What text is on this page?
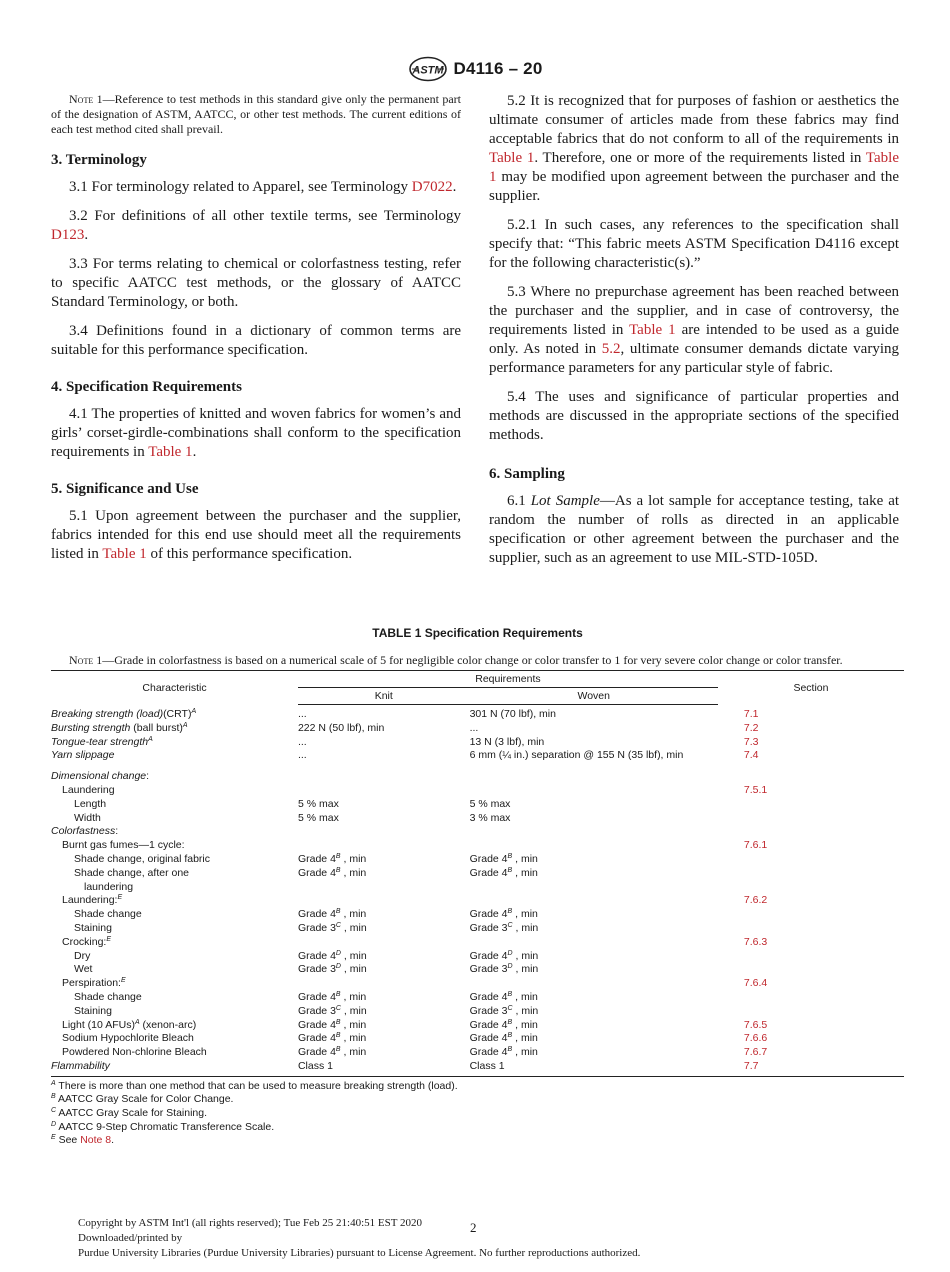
ASTM D4116 – 20

Note 1—Reference to test methods in this standard give only the permanent part of the designation of ASTM, AATCC, or other test methods. The current editions of each test method cited shall prevail.

3. Terminology

3.1 For terminology related to Apparel, see Terminology D7022.

3.2 For definitions of all other textile terms, see Terminology D123.

3.3 For terms relating to chemical or colorfastness testing, refer to specific AATCC test methods, or the glossary of AATCC Standard Terminology, or both.

3.4 Definitions found in a dictionary of common terms are suitable for this performance specification.

4. Specification Requirements

4.1 The properties of knitted and woven fabrics for women’s and girls’ corset-girdle-combinations shall conform to the specification requirements in Table 1.

5. Significance and Use

5.1 Upon agreement between the purchaser and the supplier, fabrics intended for this end use should meet all the requirements listed in Table 1 of this performance specification.

5.2 It is recognized that for purposes of fashion or aesthetics the ultimate consumer of articles made from these fabrics may find acceptable fabrics that do not conform to all of the requirements in Table 1. Therefore, one or more of the requirements listed in Table 1 may be modified upon agreement between the purchaser and the supplier.

5.2.1 In such cases, any references to the specification shall specify that: “This fabric meets ASTM Specification D4116 except for the following characteristic(s).”

5.3 Where no prepurchase agreement has been reached between the purchaser and the supplier, and in case of controversy, the requirements listed in Table 1 are intended to be used as a guide only. As noted in 5.2, ultimate consumer demands dictate varying performance parameters for any particular style of fabric.

5.4 The uses and significance of particular properties and methods are discussed in the appropriate sections of the specified methods.

6. Sampling

6.1 Lot Sample—As a lot sample for acceptance testing, take at random the number of rolls as directed in an applicable specification or other agreement between the purchaser and the supplier, such as an agreement to use MIL-STD-105D.

TABLE 1 Specification Requirements
Note 1—Grade in colorfastness is based on a numerical scale of 5 for negligible color change or color transfer to 1 for very severe color change or color transfer.
Characteristic	Requirements		Section
	Knit	Woven	
Breaking strength (load)(CRT)$^A$	...	301 N (70 lbf), min	7.1
Bursting strength (ball burst)$^A$	222 N (50 lbf), min	...	7.2
Tongue-tear strength$^A$	...	13 N (3 lbf), min	7.3
Yarn slippage	...	6 mm (¼ in.) separation @ 155 N (35 lbf), min	7.4
Dimensional change:			
Laundering			7.5.1
Length	5 % max	5 % max	
Width	5 % max	3 % max	
Colorfastness:			
Burnt gas fumes—1 cycle:			7.6.1
Shade change, original fabric	Grade $4^B$ , min	Grade $4^B$ , min	

Shade change, after one
laundering	Grade $4^B$ , min	Grade $4^B$ , min	
Laundering:$^E$			7.6.2
Shade change	Grade $4^B$ , min	Grade $4^B$ , min	
Staining	Grade $3^C$ , min	Grade $3^C$ , min	
Crocking:$^E$			7.6.3
Dry	Grade $4^D$ , min	Grade $4^D$ , min	
Wet	Grade $3^D$ , min	Grade $3^D$ , min	
Perspiration:$^E$			7.6.4
Shade change	Grade $4^B$ , min	Grade $4^B$ , min	
Staining	Grade $3^C$ , min	Grade $3^C$ , min	
Light (10 AFUs)$^A$ (xenon-arc)	Grade $4^B$ , min	Grade $4^B$ , min	7.6.5
Sodium Hypochlorite Bleach	Grade $4^B$ , min	Grade $4^B$ , min	7.6.6
Powdered Non-chlorine Bleach	Grade $4^B$ , min	Grade $4^B$ , min	7.6.7
Flammability	Class 1	Class 1	7.7
$^A$ There is more than one method that can be used to measure breaking strength (load).
$^B$ AATCC Gray Scale for Color Change.
$^C$ AATCC Gray Scale for Staining.
$^D$ AATCC 9-Step Chromatic Transference Scale.
$^E$ See Note 8.
Copyright by ASTM Int'l (all rights reserved); Tue Feb 25 21:40:51 EST 2020
Downloaded/printed by
Purdue University Libraries (Purdue University Libraries) pursuant to License Agreement. No further reproductions authorized.
2
